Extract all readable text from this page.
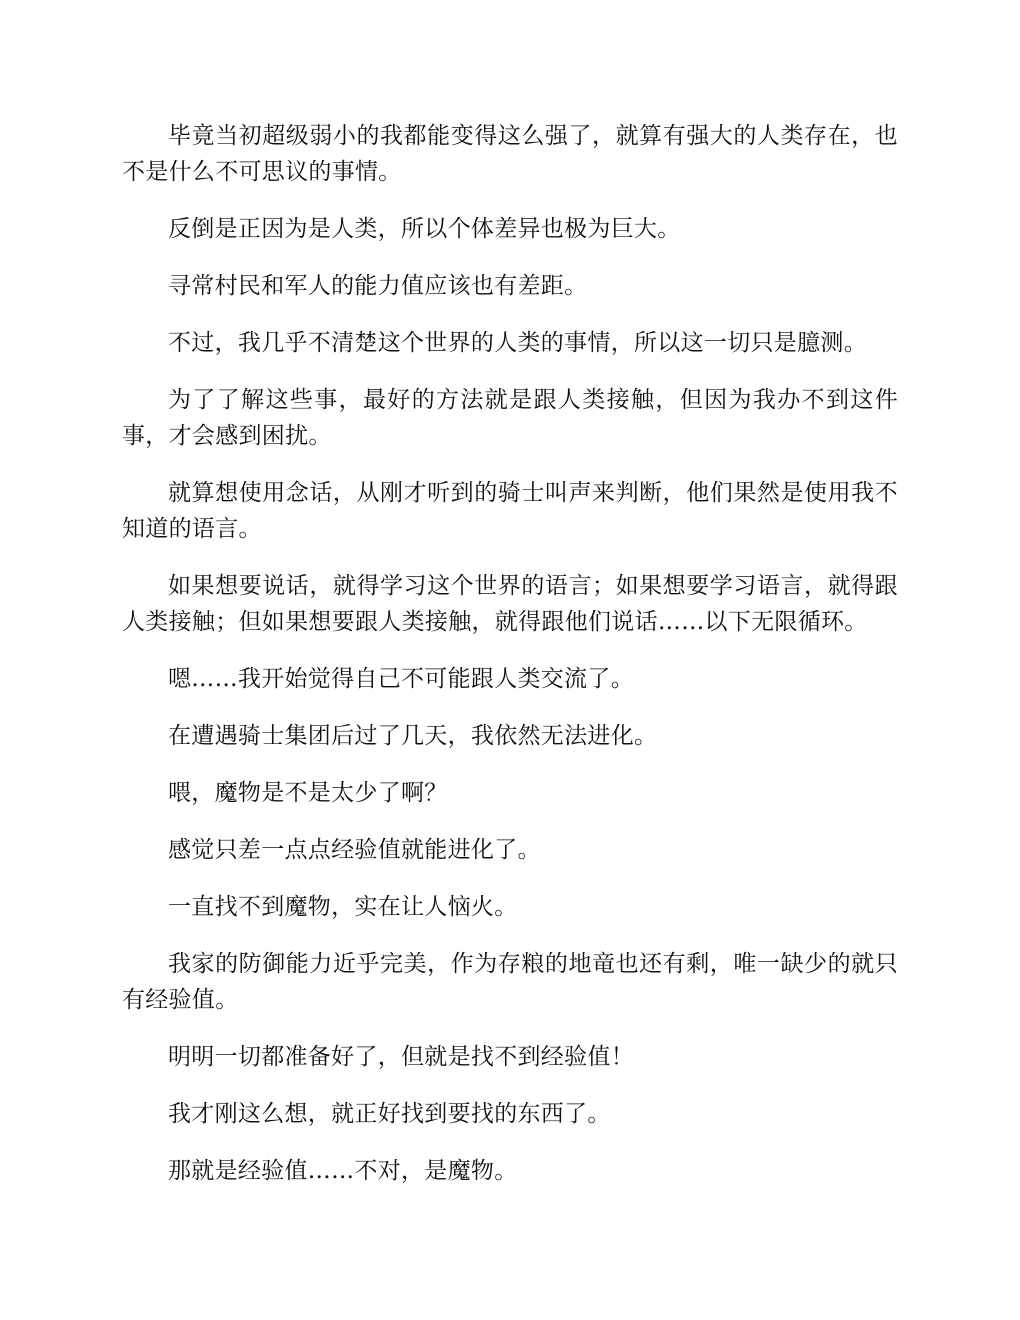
毕竟当初超级弱小的我都能变得这么强了，就算有强大的人类存在，也不是什么不可思议的事情。

反倒是正因为是人类，所以个体差异也极为巨大。

寻常村民和军人的能力值应该也有差距。

不过，我几乎不清楚这个世界的人类的事情，所以这一切只是臆测。

为了了解这些事，最好的方法就是跟人类接触，但因为我办不到这件事，才会感到困扰。

就算想使用念话，从刚才听到的骑士叫声来判断，他们果然是使用我不知道的语言。

如果想要说话，就得学习这个世界的语言；如果想要学习语言，就得跟人类接触；但如果想要跟人类接触，就得跟他们说话……以下无限循环。

嗯……我开始觉得自己不可能跟人类交流了。

在遭遇骑士集团后过了几天，我依然无法进化。

喂，魔物是不是太少了啊？

感觉只差一点点经验值就能进化了。

一直找不到魔物，实在让人恼火。

我家的防御能力近乎完美，作为存粮的地竜也还有剩，唯一缺少的就只有经验值。

明明一切都准备好了，但就是找不到经验值！

我才刚这么想，就正好找到要找的东西了。

那就是经验值……不对，是魔物。
